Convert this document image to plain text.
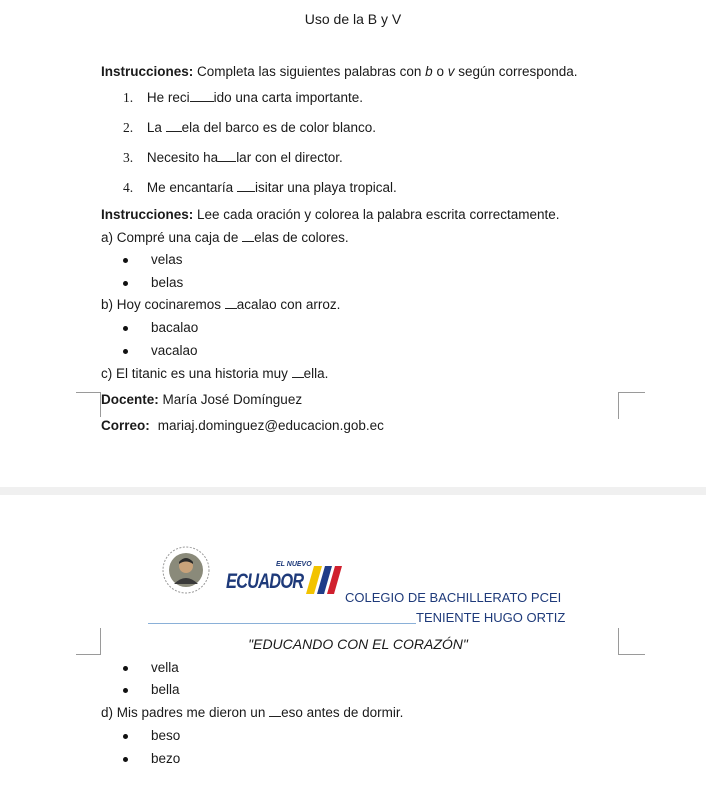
Uso de la B y V
Instrucciones: Completa las siguientes palabras con b o v según corresponda.
1. He reci ido una carta importante.
2. La ela del barco es de color blanco.
3. Necesito ha lar con el director.
4. Me encantaría isitar una playa tropical.
Instrucciones: Lee cada oración y colorea la palabra escrita correctamente.
a) Compré una caja de elas de colores.
velas
belas
b) Hoy cocinaremos acalao con arroz.
bacalao
vacalao
c) El titanic es una historia muy ella.
Docente: María José Domínguez
Correo: mariaj.dominguez@educacion.gob.ec
EL NUEVO
ECUADOR
COLEGIO DE BACHILLERATO PCEI
TENIENTE HUGO ORTIZ
"EDUCANDO CON EL CORAZÓN"
vella
bella
d) Mis padres me dieron un eso antes de dormir.
beso
bezo
